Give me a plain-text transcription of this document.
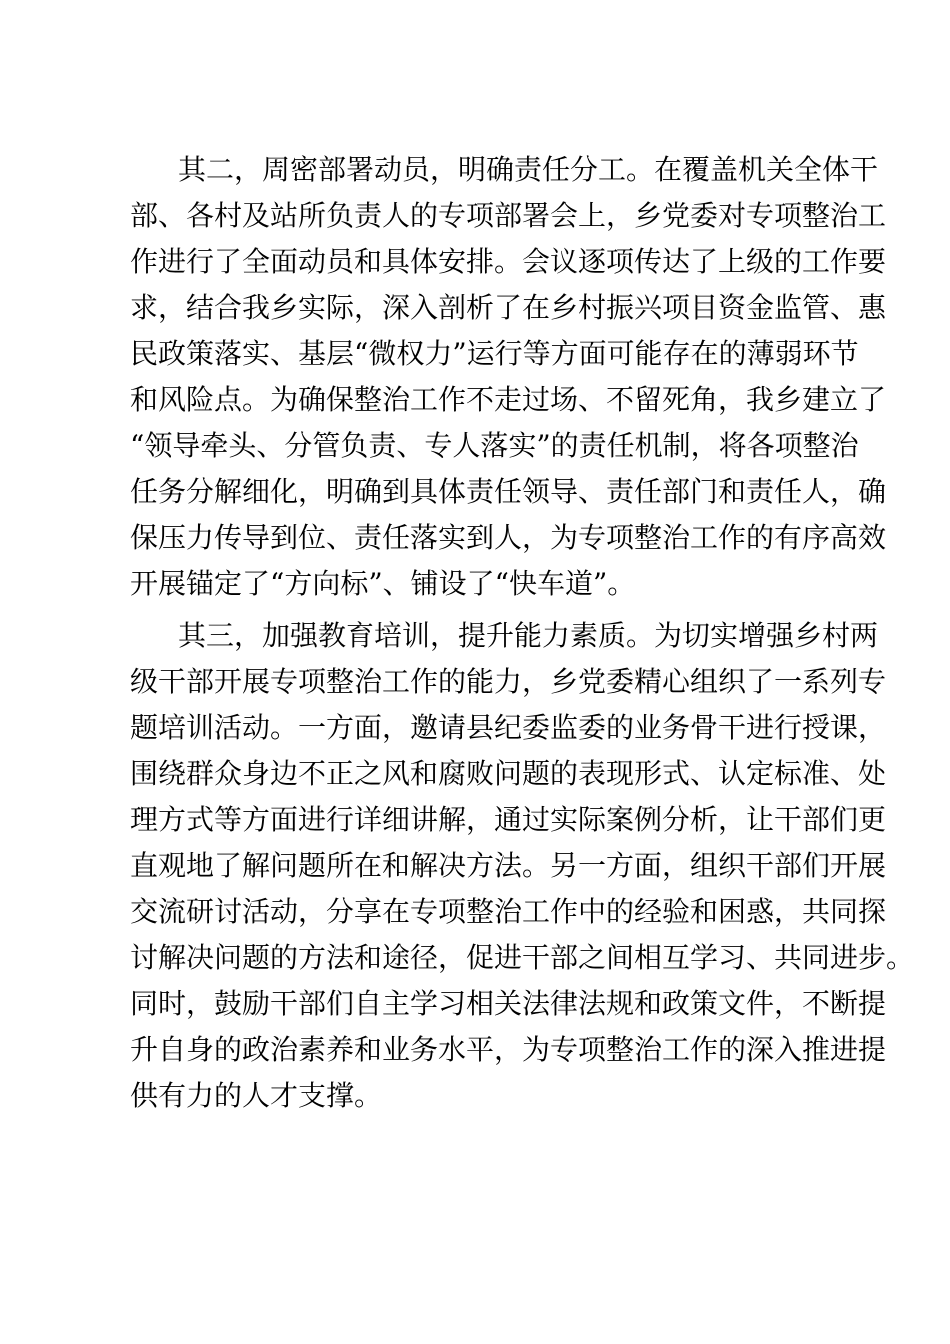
其二，周密部署动员，明确责任分工。在覆盖机关全体干
部、各村及站所负责人的专项部署会上，乡党委对专项整治工
作进行了全面动员和具体安排。会议逐项传达了上级的工作要
求，结合我乡实际，深入剖析了在乡村振兴项目资金监管、惠
民政策落实、基层“微权力”运行等方面可能存在的薄弱环节
和风险点。为确保整治工作不走过场、不留死角，我乡建立了
“领导牵头、分管负责、专人落实”的责任机制，将各项整治
任务分解细化，明确到具体责任领导、责任部门和责任人，确
保压力传导到位、责任落实到人，为专项整治工作的有序高效
开展锚定了“方向标”、铺设了“快车道”。
其三，加强教育培训，提升能力素质。为切实增强乡村两
级干部开展专项整治工作的能力，乡党委精心组织了一系列专
题培训活动。一方面，邀请县纪委监委的业务骨干进行授课，
围绕群众身边不正之风和腐败问题的表现形式、认定标准、处
理方式等方面进行详细讲解，通过实际案例分析，让干部们更
直观地了解问题所在和解决方法。另一方面，组织干部们开展
交流研讨活动，分享在专项整治工作中的经验和困惑，共同探
讨解决问题的方法和途径，促进干部之间相互学习、共同进步。
同时，鼓励干部们自主学习相关法律法规和政策文件，不断提
升自身的政治素养和业务水平，为专项整治工作的深入推进提
供有力的人才支撑。
